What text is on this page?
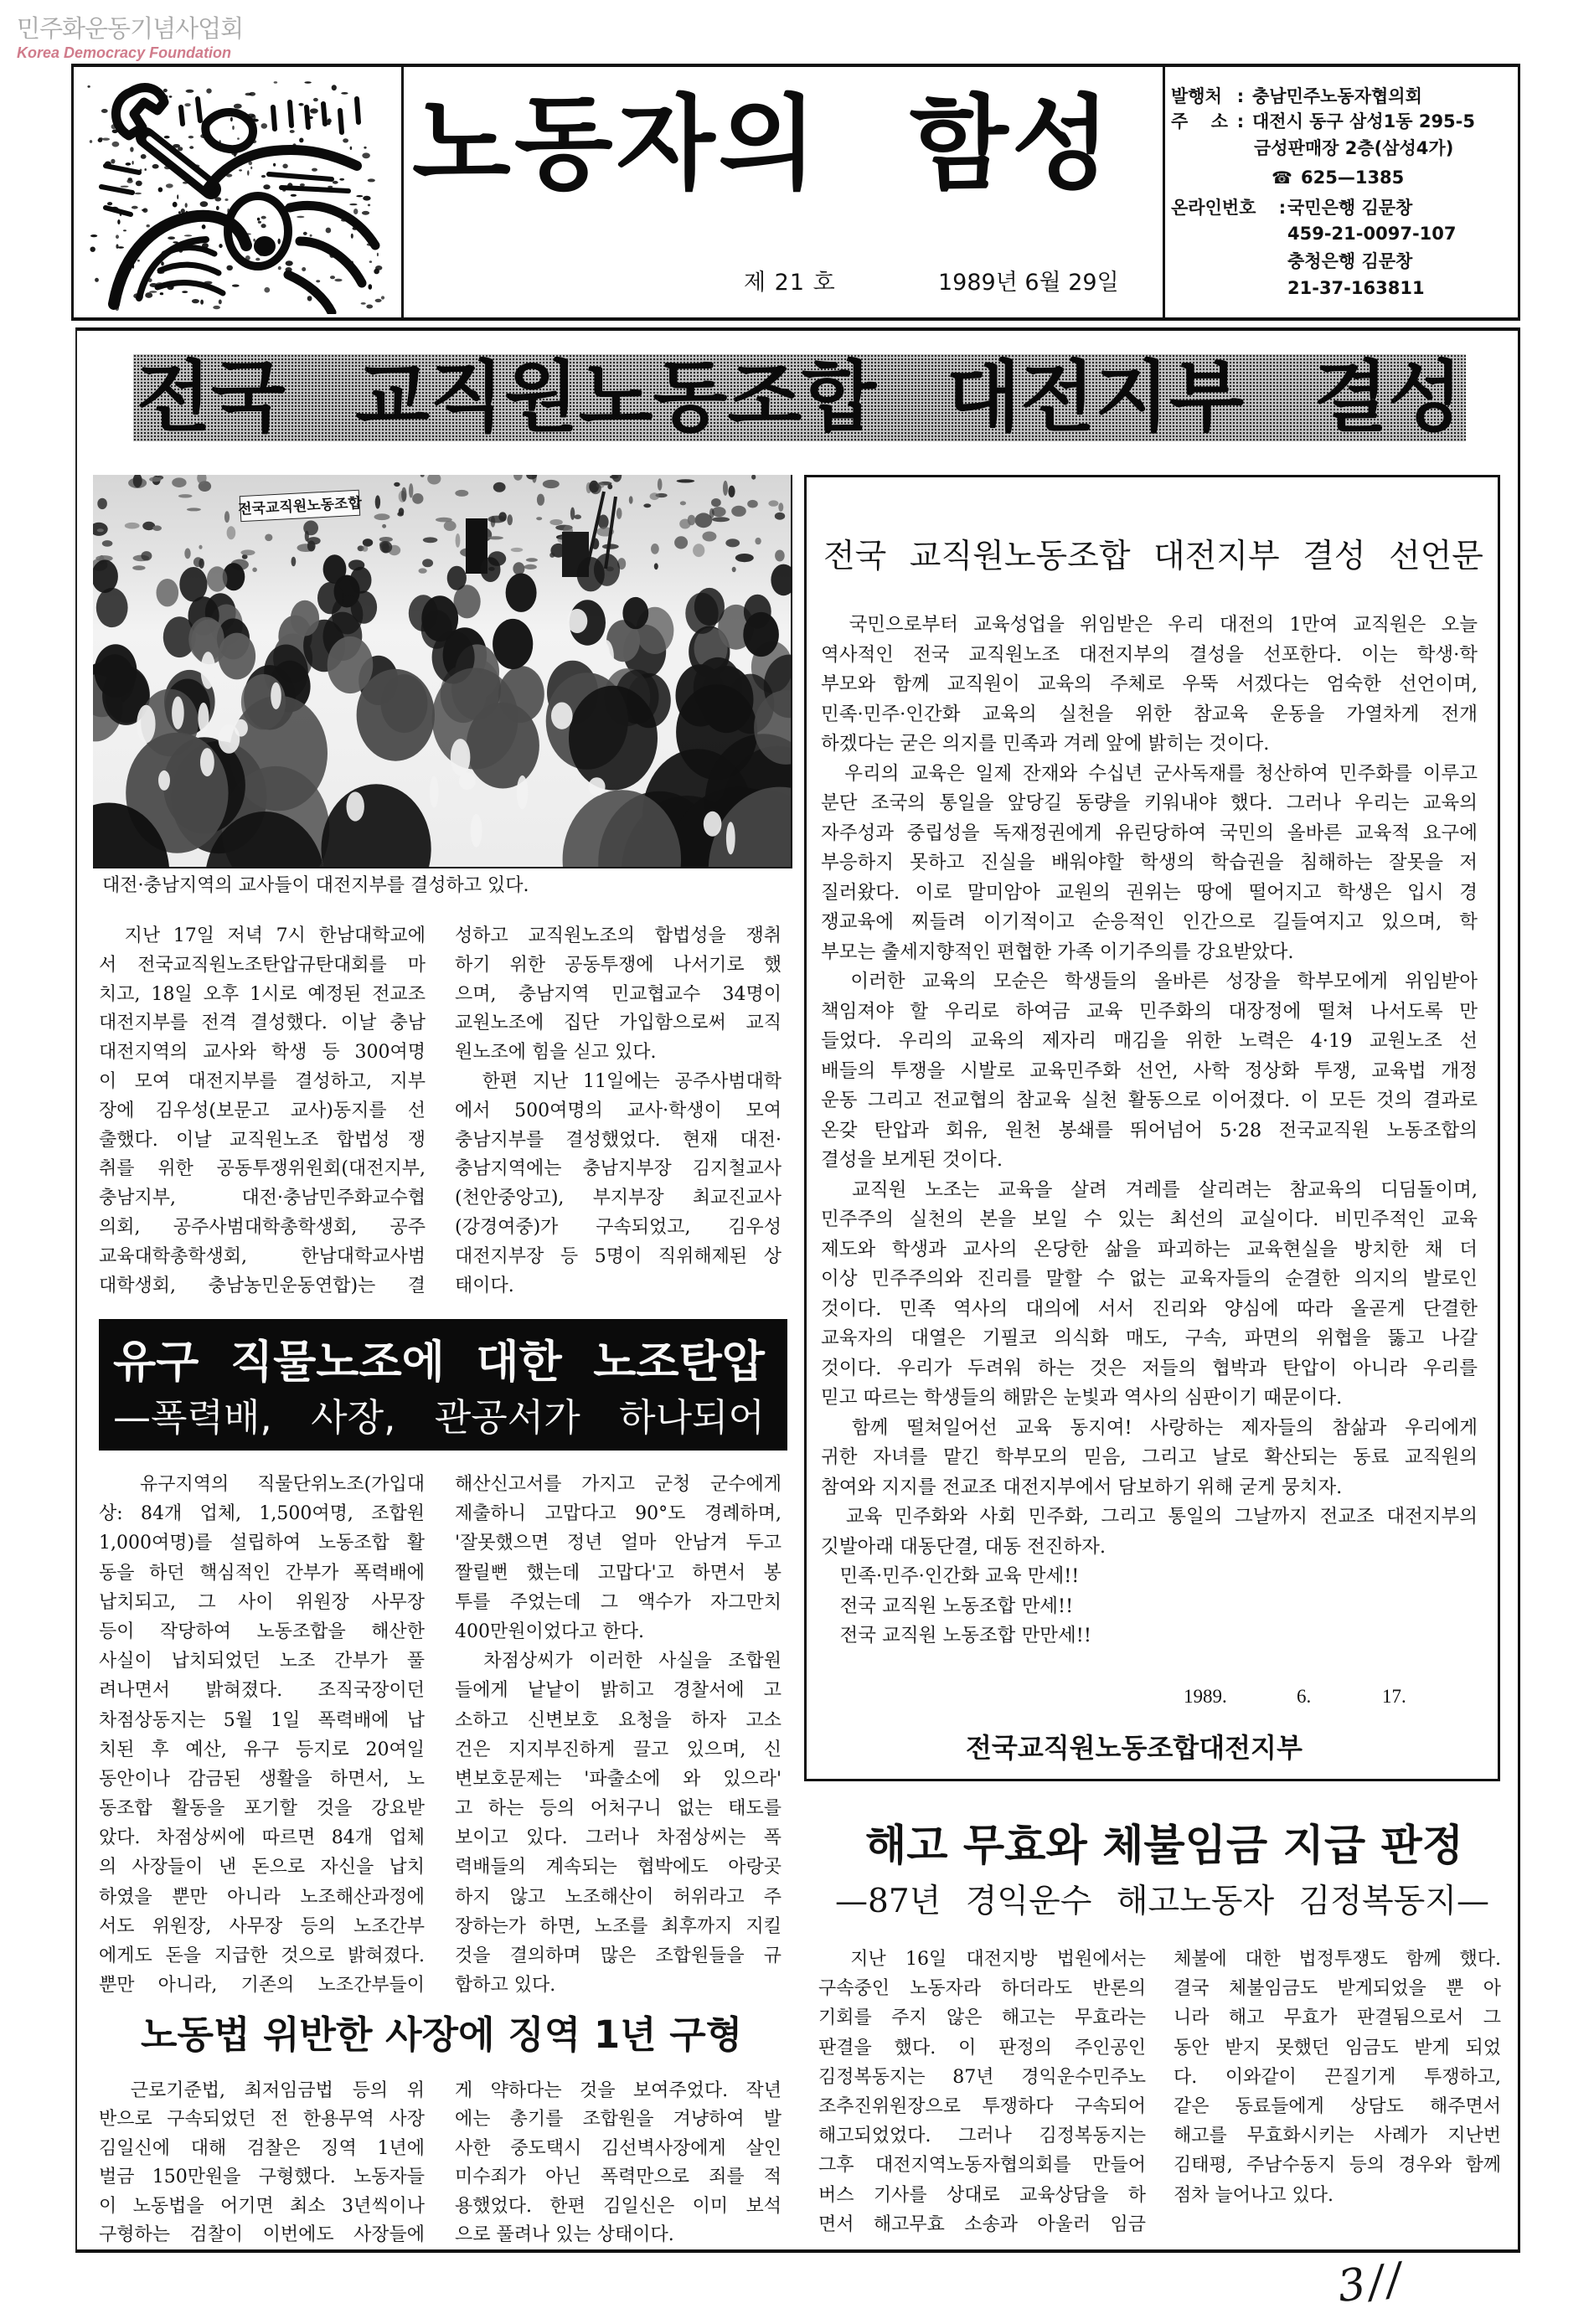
민주화운동기념사업회
Korea Democracy Foundation
노동자의 함성
제 21 호	1989년 6월 29일
발행처 : 충남민주노동자협의회
주 소 : 대전시 동구 삼성1동 295-5
금성판매장 2층(삼성4가)
☎ 625—1385
온라인번호	: 국민은행 김문창
459-21-0097-107
충청은행 김문창
21-37-163811
전국 교직원노동조합 대전지부 결성
전국교직원노동조합
대전·충남지역의 교사들이 대전지부를 결성하고 있다.
　지난 17일 저녁 7시 한남대학교에
서 전국교직원노조탄압규탄대회를 마
치고, 18일 오후 1시로 예정된 전교조
대전지부를 전격 결성했다. 이날 충남
대전지역의 교사와 학생 등 300여명
이 모여 대전지부를 결성하고, 지부
장에 김우성(보문고 교사)동지를 선
출했다. 이날 교직원노조 합법성 쟁
취를 위한 공동투쟁위원회(대전지부,
충남지부, 대전·충남민주화교수협
의회, 공주사범대학총학생회, 공주
교육대학총학생회, 한남대학교사범
대학생회, 충남농민운동연합)는 결
성하고 교직원노조의 합법성을 쟁취
하기 위한 공동투쟁에 나서기로 했
으며, 충남지역 민교협교수 34명이
교원노조에 집단 가입함으로써 교직
원노조에 힘을 싣고 있다.
　한편 지난 11일에는 공주사범대학
에서 500여명의 교사·학생이 모여
충남지부를 결성했었다. 현재 대전·
충남지역에는 충남지부장 김지철교사
(천안중앙고), 부지부장 최교진교사
(강경여중)가 구속되었고, 김우성
대전지부장 등 5명이 직위해제된 상
태이다.
전국 교직원노동조합 대전지부 결성 선언문
　국민으로부터 교육성업을 위임받은 우리 대전의 1만여 교직원은 오늘
역사적인 전국 교직원노조 대전지부의 결성을 선포한다. 이는 학생·학
부모와 함께 교직원이 교육의 주체로 우뚝 서겠다는 엄숙한 선언이며,
민족·민주·인간화 교육의 실천을 위한 참교육 운동을 가열차게 전개
하겠다는 굳은 의지를 민족과 겨레 앞에 밝히는 것이다.
　우리의 교육은 일제 잔재와 수십년 군사독재를 청산하여 민주화를 이루고
분단 조국의 통일을 앞당길 동량을 키워내야 했다. 그러나 우리는 교육의
자주성과 중립성을 독재정권에게 유린당하여 국민의 올바른 교육적 요구에
부응하지 못하고 진실을 배워야할 학생의 학습권을 침해하는 잘못을 저
질러왔다. 이로 말미암아 교원의 권위는 땅에 떨어지고 학생은 입시 경
쟁교육에 찌들려 이기적이고 순응적인 인간으로 길들여지고 있으며, 학
부모는 출세지향적인 편협한 가족 이기주의를 강요받았다.
　이러한 교육의 모순은 학생들의 올바른 성장을 학부모에게 위임받아
책임져야 할 우리로 하여금 교육 민주화의 대장정에 떨쳐 나서도록 만
들었다. 우리의 교육의 제자리 매김을 위한 노력은 4·19 교원노조 선
배들의 투쟁을 시발로 교육민주화 선언, 사학 정상화 투쟁, 교육법 개정
운동 그리고 전교협의 참교육 실천 활동으로 이어졌다. 이 모든 것의 결과로
온갖 탄압과 회유, 원천 봉쇄를 뛰어넘어 5·28 전국교직원 노동조합의
결성을 보게된 것이다.
　교직원 노조는 교육을 살려 겨레를 살리려는 참교육의 디딤돌이며,
민주주의 실천의 본을 보일 수 있는 최선의 교실이다. 비민주적인 교육
제도와 학생과 교사의 온당한 삶을 파괴하는 교육현실을 방치한 채 더
이상 민주주의와 진리를 말할 수 없는 교육자들의 순결한 의지의 발로인
것이다. 민족 역사의 대의에 서서 진리와 양심에 따라 올곧게 단결한
교육자의 대열은 기필코 의식화 매도, 구속, 파면의 위협을 뚫고 나갈
것이다. 우리가 두려워 하는 것은 저들의 협박과 탄압이 아니라 우리를
믿고 따르는 학생들의 해맑은 눈빛과 역사의 심판이기 때문이다.
　함께 떨쳐일어선 교육 동지여! 사랑하는 제자들의 참삶과 우리에게
귀한 자녀를 맡긴 학부모의 믿음, 그리고 날로 확산되는 동료 교직원의
참여와 지지를 전교조 대전지부에서 담보하기 위해 굳게 뭉치자.
　교육 민주화와 사회 민주화, 그리고 통일의 그날까지 전교조 대전지부의
깃발아래 대동단결, 대동 전진하자.
　민족·민주·인간화 교육 만세!!
　전국 교직원 노동조합 만세!!
　전국 교직원 노동조합 만만세!!
1989.	6.	17.
전국교직원노동조합대전지부
유구 직물노조에 대한 노조탄압
—폭력배, 사장, 관공서가 하나되어
　유구지역의 직물단위노조(가입대
상: 84개 업체, 1,500여명, 조합원
1,000여명)를 설립하여 노동조합 활
동을 하던 핵심적인 간부가 폭력배에
납치되고, 그 사이 위원장 사무장
등이 작당하여 노동조합을 해산한
사실이 납치되었던 노조 간부가 풀
려나면서 밝혀졌다. 조직국장이던
차점상동지는 5월 1일 폭력배에 납
치된 후 예산, 유구 등지로 20여일
동안이나 감금된 생활을 하면서, 노
동조합 활동을 포기할 것을 강요받
았다. 차점상씨에 따르면 84개 업체
의 사장들이 낸 돈으로 자신을 납치
하였을 뿐만 아니라 노조해산과정에
서도 위원장, 사무장 등의 노조간부
에게도 돈을 지급한 것으로 밝혀졌다.
뿐만 아니라, 기존의 노조간부들이
해산신고서를 가지고 군청 군수에게
제출하니 고맙다고 90°도 경례하며,
'잘못했으면 정년 얼마 안남겨 두고
짤릴뻔 했는데 고맙다'고 하면서 봉
투를 주었는데 그 액수가 자그만치
400만원이었다고 한다.
　차점상씨가 이러한 사실을 조합원
들에게 낱낱이 밝히고 경찰서에 고
소하고 신변보호 요청을 하자 고소
건은 지지부진하게 끌고 있으며, 신
변보호문제는 '파출소에 와 있으라'
고 하는 등의 어처구니 없는 태도를
보이고 있다. 그러나 차점상씨는 폭
력배들의 계속되는 협박에도 아랑곳
하지 않고 노조해산이 허위라고 주
장하는가 하면, 노조를 최후까지 지킬
것을 결의하며 많은 조합원들을 규
합하고 있다.
노동법 위반한 사장에 징역 1년 구형
　근로기준법, 최저임금법 등의 위
반으로 구속되었던 전 한용무역 사장
김일신에 대해 검찰은 징역 1년에
벌금 150만원을 구형했다. 노동자들
이 노동법을 어기면 최소 3년씩이나
구형하는 검찰이 이번에도 사장들에
게 약하다는 것을 보여주었다. 작년
에는 총기를 조합원을 겨냥하여 발
사한 중도택시 김선벽사장에게 살인
미수죄가 아닌 폭력만으로 죄를 적
용했었다. 한편 김일신은 이미 보석
으로 풀려나 있는 상태이다.
해고 무효와 체불임금 지급 판정
—87년 경익운수 해고노동자 김정복동지—
　지난 16일 대전지방 법원에서는
구속중인 노동자라 하더라도 반론의
기회를 주지 않은 해고는 무효라는
판결을 했다. 이 판정의 주인공인
김정복동지는 87년 경익운수민주노
조추진위원장으로 투쟁하다 구속되어
해고되었었다. 그러나 김정복동지는
그후 대전지역노동자협의회를 만들어
버스 기사를 상대로 교육상담을 하
면서 해고무효 소송과 아울러 임금
체불에 대한 법정투쟁도 함께 했다.
결국 체불임금도 받게되었을 뿐 아
니라 해고 무효가 판결됨으로서 그
동안 받지 못했던 임금도 받게 되었
다. 이와같이 끈질기게 투쟁하고,
같은 동료들에게 상담도 해주면서
해고를 무효화시키는 사례가 지난번
김태평, 주남수동지 등의 경우와 함께
점차 늘어나고 있다.
3//
